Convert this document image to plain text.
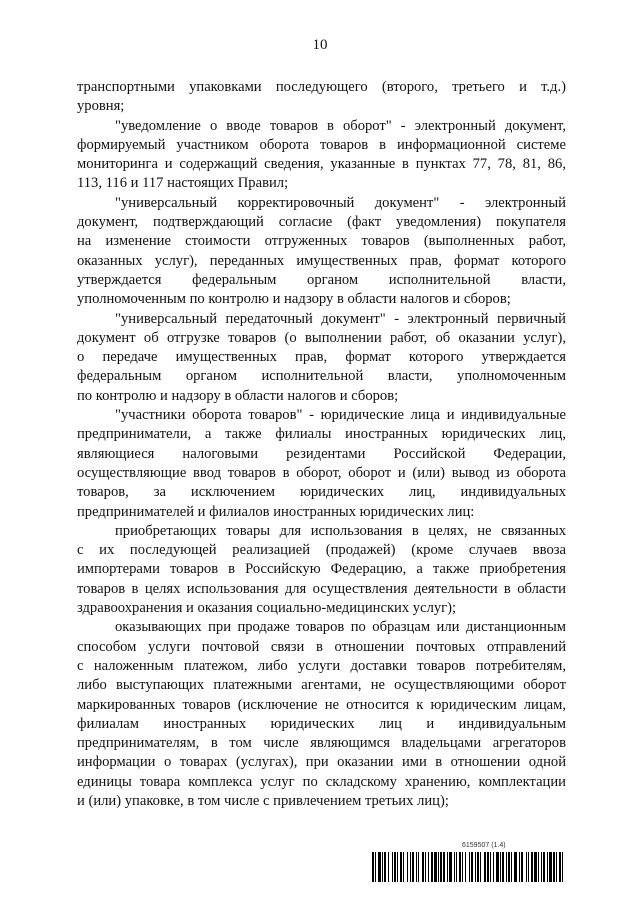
10
транспортными упаковками последующего (второго, третьего и т.д.)
уровня;
"уведомление о вводе товаров в оборот" - электронный документ,
формируемый участником оборота товаров в информационной системе
мониторинга и содержащий сведения, указанные в пунктах 77, 78, 81, 86,
113, 116 и 117 настоящих Правил;
"универсальный корректировочный документ" - электронный
документ, подтверждающий согласие (факт уведомления) покупателя
на изменение стоимости отгруженных товаров (выполненных работ,
оказанных услуг), переданных имущественных прав, формат которого
утверждается федеральным органом исполнительной власти,
уполномоченным по контролю и надзору в области налогов и сборов;
"универсальный передаточный документ" - электронный первичный
документ об отгрузке товаров (о выполнении работ, об оказании услуг),
о передаче имущественных прав, формат которого утверждается
федеральным органом исполнительной власти, уполномоченным
по контролю и надзору в области налогов и сборов;
"участники оборота товаров" - юридические лица и индивидуальные
предприниматели, а также филиалы иностранных юридических лиц,
являющиеся налоговыми резидентами Российской Федерации,
осуществляющие ввод товаров в оборот, оборот и (или) вывод из оборота
товаров, за исключением юридических лиц, индивидуальных
предпринимателей и филиалов иностранных юридических лиц:
приобретающих товары для использования в целях, не связанных
с их последующей реализацией (продажей) (кроме случаев ввоза
импортерами товаров в Российскую Федерацию, а также приобретения
товаров в целях использования для осуществления деятельности в области
здравоохранения и оказания социально-медицинских услуг);
оказывающих при продаже товаров по образцам или дистанционным
способом услуги почтовой связи в отношении почтовых отправлений
с наложенным платежом, либо услуги доставки товаров потребителям,
либо выступающих платежными агентами, не осуществляющими оборот
маркированных товаров (исключение не относится к юридическим лицам,
филиалам иностранных юридических лиц и индивидуальным
предпринимателям, в том числе являющимся владельцами агрегаторов
информации о товарах (услугах), при оказании ими в отношении одной
единицы товара комплекса услуг по складскому хранению, комплектации
и (или) упаковке, в том числе с привлечением третьих лиц);
6159507 (1.4)
